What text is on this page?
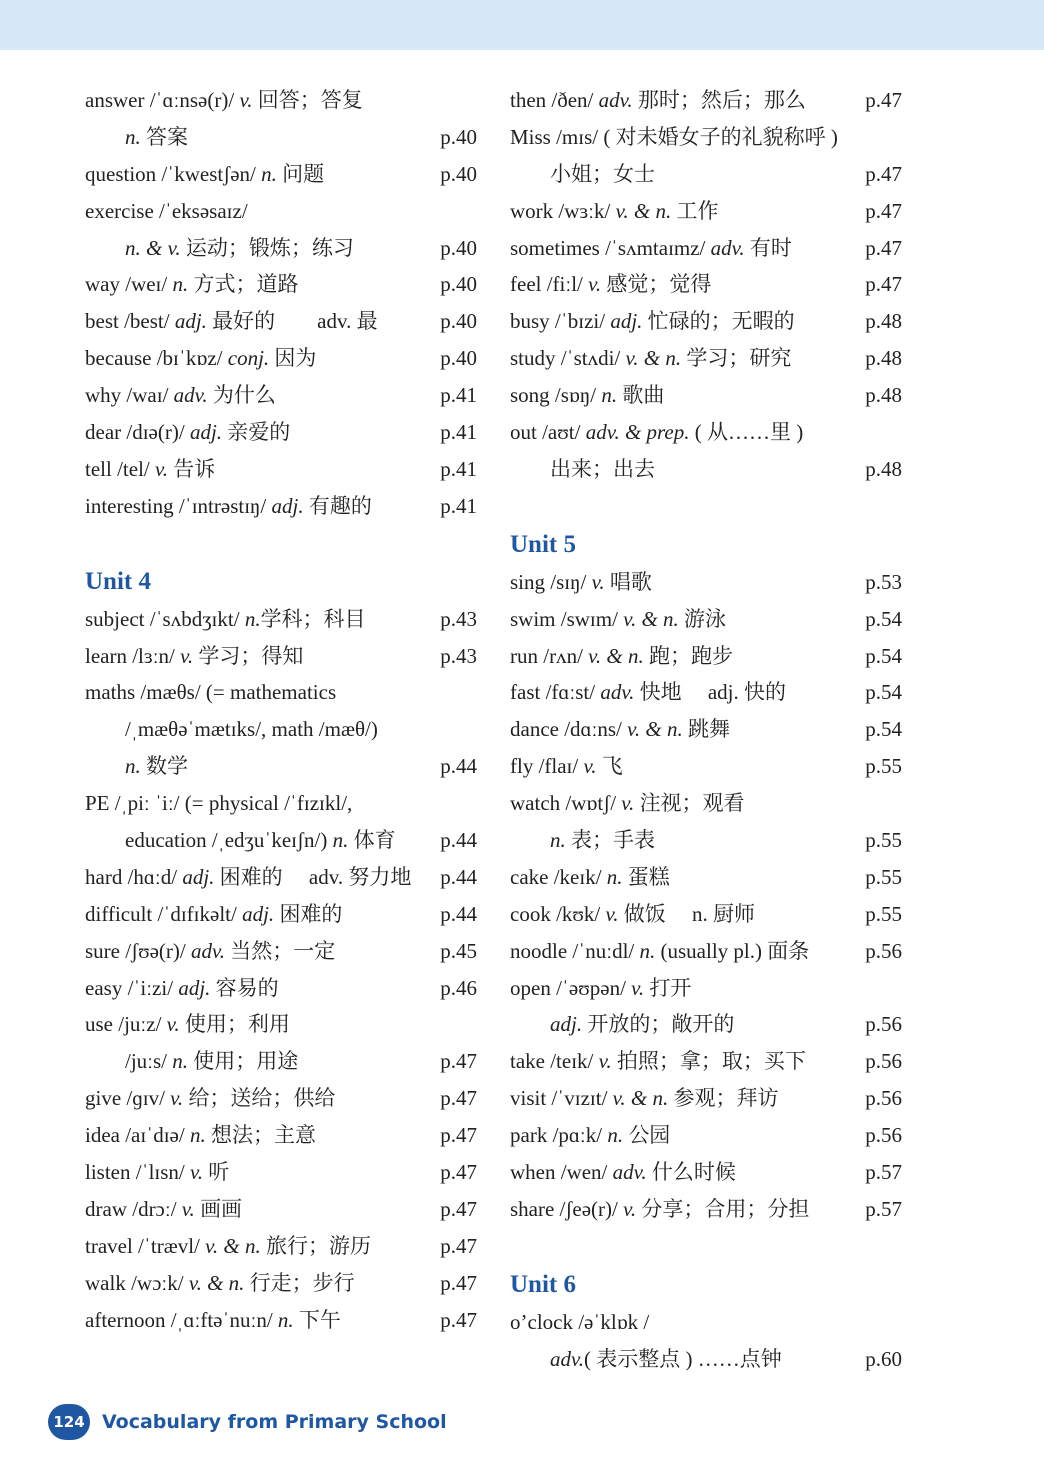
answer /ˈɑːnsə(r)/ v. 回答；答复
n. 答案	p.40
question /ˈkwestʃən/ n. 问题	p.40
exercise /ˈeksəsaɪz/
n. & v. 运动；锻炼；练习	p.40
way /weɪ/ n. 方式；道路	p.40
best /best/ adj. 最好的　　adv. 最	p.40
because /bɪˈkɒz/ conj. 因为	p.40
why /waɪ/ adv. 为什么	p.41
dear /dɪə(r)/ adj. 亲爱的	p.41
tell /tel/ v. 告诉	p.41
interesting /ˈɪntrəstɪŋ/ adj. 有趣的	p.41
Unit 4
subject /ˈsʌbdʒɪkt/ n.学科；科目	p.43
learn /lɜːn/ v. 学习；得知	p.43
maths /mæθs/ (= mathematics
/ˌmæθəˈmætɪks/, math /mæθ/)
n. 数学	p.44
PE /ˌpiː ˈiː/ (= physical /ˈfɪzɪkl/,
education /ˌedʒuˈkeɪʃn/) n. 体育 p.44
hard /hɑːd/ adj. 困难的　 adv. 努力地 p.44
difficult /ˈdɪfɪkəlt/ adj. 困难的	p.44
sure /ʃʊə(r)/ adv. 当然；一定	p.45
easy /ˈiːzi/ adj. 容易的	p.46
use /juːz/ v. 使用；利用
/juːs/ n. 使用；用途	p.47
give /ɡɪv/ v. 给；送给；供给	p.47
idea /aɪˈdɪə/ n. 想法；主意	p.47
listen /ˈlɪsn/ v. 听	p.47
draw /drɔː/ v. 画画	p.47
travel /ˈtrævl/ v. & n. 旅行；游历	p.47
walk /wɔːk/ v. & n. 行走；步行	p.47
afternoon /ˌɑːftəˈnuːn/ n. 下午	p.47
then /ðen/ adv. 那时；然后；那么	p.47
Miss /mɪs/ ( 对未婚女子的礼貌称呼 )
小姐；女士	p.47
work /wɜːk/ v. & n. 工作	p.47
sometimes /ˈsʌmtaɪmz/ adv. 有时	p.47
feel /fiːl/ v. 感觉；觉得	p.47
busy /ˈbɪzi/ adj. 忙碌的；无暇的	p.48
study /ˈstʌdi/ v. & n. 学习；研究	p.48
song /sɒŋ/ n. 歌曲	p.48
out /aʊt/ adv. & prep. ( 从……里 )
出来；出去	p.48
Unit 5
sing /sɪŋ/ v. 唱歌	p.53
swim /swɪm/ v. & n. 游泳	p.54
run /rʌn/ v. & n. 跑；跑步	p.54
fast /fɑːst/ adv. 快地　 adj. 快的	p.54
dance /dɑːns/ v. & n. 跳舞	p.54
fly /flaɪ/ v. 飞	p.55
watch /wɒtʃ/ v. 注视；观看
n. 表；手表	p.55
cake /keɪk/ n. 蛋糕	p.55
cook /kʊk/ v. 做饭　 n. 厨师	p.55
noodle /ˈnuːdl/ n. (usually pl.) 面条	p.56
open /ˈəʊpən/ v. 打开
adj. 开放的；敞开的	p.56
take /teɪk/ v. 拍照；拿；取；买下	p.56
visit /ˈvɪzɪt/ v. & n. 参观；拜访	p.56
park /pɑːk/ n. 公园	p.56
when /wen/ adv. 什么时候	p.57
share /ʃeə(r)/ v. 分享；合用；分担	p.57
Unit 6
o’clock /əˈklɒk /
adv.( 表示整点 ) ……点钟	p.60
124 Vocabulary from Primary School
